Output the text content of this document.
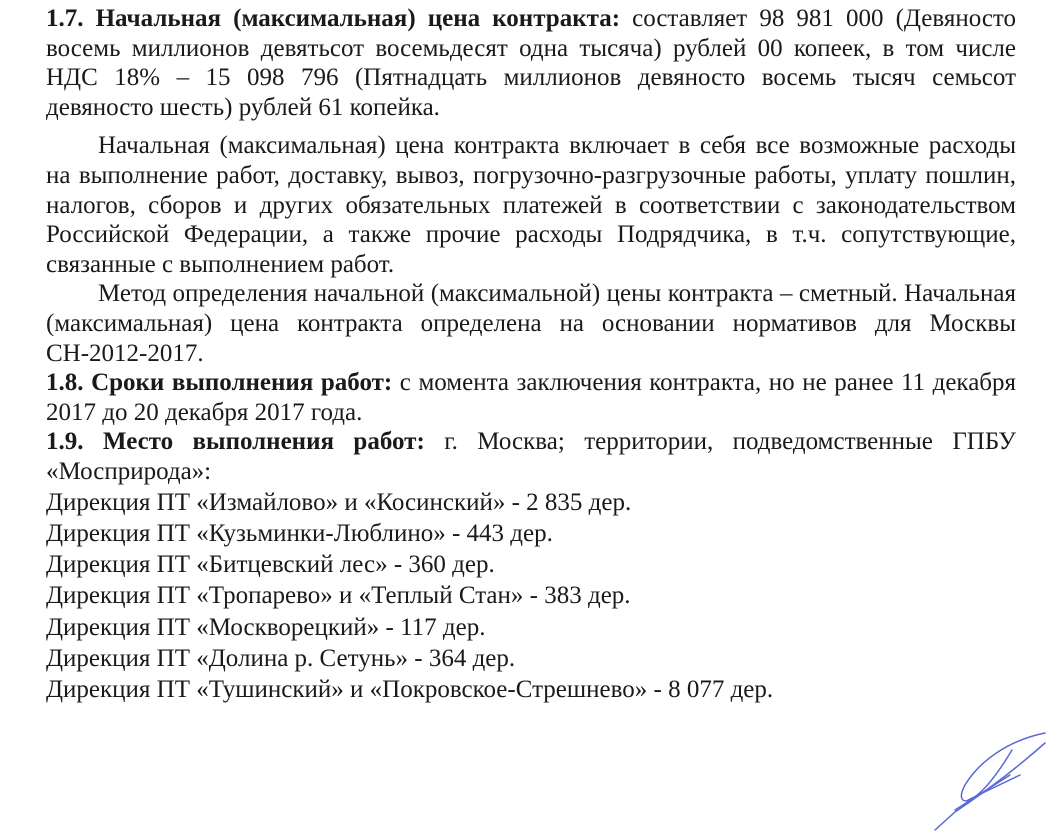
1.7. Начальная (максимальная) цена контракта: составляет 98 981 000 (Девяносто восемь миллионов девятьсот восемьдесят одна тысяча) рублей 00 копеек, в том числе НДС 18% – 15 098 796 (Пятнадцать миллионов девяносто восемь тысяч семьсот девяносто шесть) рублей 61 копейка.

Начальная (максимальная) цена контракта включает в себя все возможные расходы на выполнение работ, доставку, вывоз, погрузочно-разгрузочные работы, уплату пошлин, налогов, сборов и других обязательных платежей в соответствии с законодательством Российской Федерации, а также прочие расходы Подрядчика, в т.ч. сопутствующие, связанные с выполнением работ.

Метод определения начальной (максимальной) цены контракта – сметный. Начальная (максимальная) цена контракта определена на основании нормативов для Москвы СН-2012-2017.

1.8. Сроки выполнения работ: с момента заключения контракта, но не ранее 11 декабря 2017 до 20 декабря 2017 года.

1.9. Место выполнения работ: г. Москва; территории, подведомственные ГПБУ «Мосприрода»:

Дирекция ПТ «Измайлово» и «Косинский» - 2 835 дер.

Дирекция ПТ «Кузьминки-Люблино» - 443 дер.

Дирекция ПТ «Битцевский лес» - 360 дер.

Дирекция ПТ «Тропарево» и «Теплый Стан» - 383 дер.

Дирекция ПТ «Москворецкий» - 117 дер.

Дирекция ПТ «Долина р. Сетунь» - 364 дер.

Дирекция ПТ «Тушинский» и «Покровское-Стрешнево» - 8 077 дер.
